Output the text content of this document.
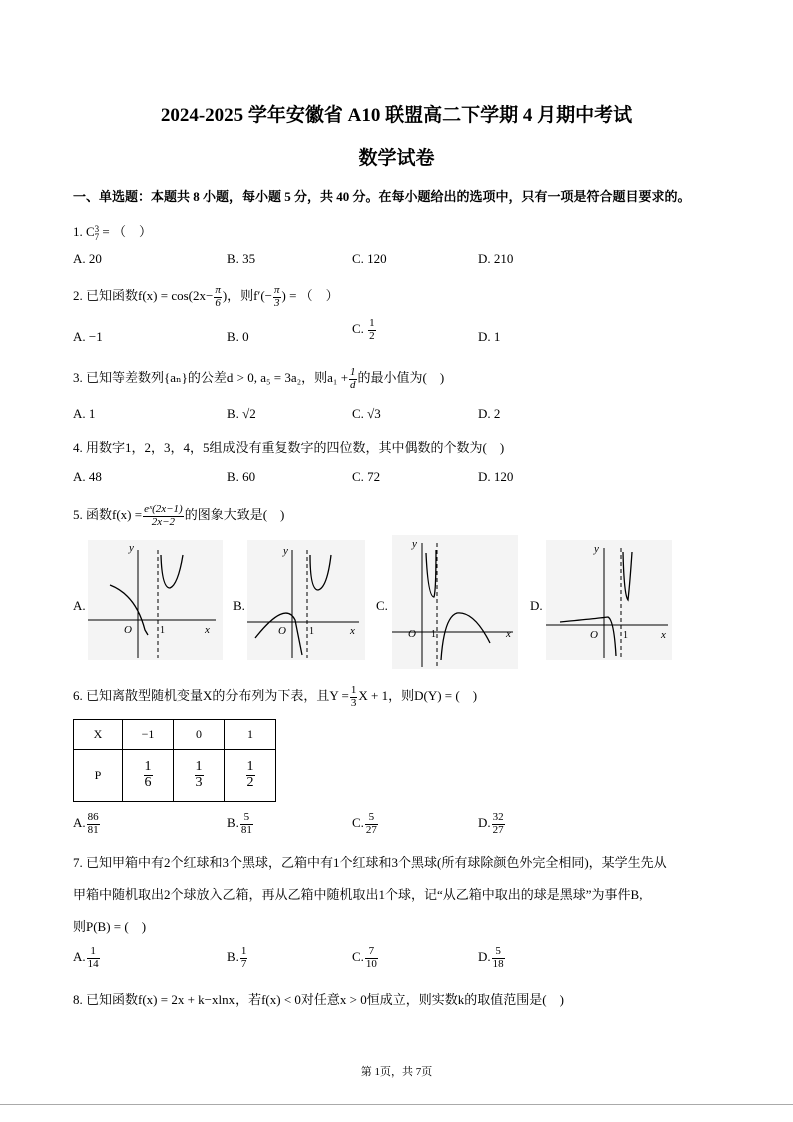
2024-2025 学年安徽省 A10 联盟高二下学期 4 月期中考试
数学试卷
一、单选题：本题共 8 小题，每小题 5 分，共 40 分。在每小题给出的选项中，只有一项是符合题目要求的。
1. C 3
7 = （　）
A. 20	B. 35	C. 120	D. 210
2. 已知函数$f(x) = \cos(2x- \frac{\pi}{6}$ )，则$f'(- \frac{\pi}{3}$ ) = （　）
A. −1	B. 0
C. $\frac{1}{2}$	D. 1
3. 已知等差数列{aₙ}的公差d > 0, a₅ = 3a₂，则$a_1 + \frac{1}{d}$ 的最小值为(　)
A. 1	B. √2	C. √3	D. 2
4. 用数字1，2，3，4，5组成没有重复数字的四位数，其中偶数的个数为(　)
A. 48	B. 60	C. 72	D. 120
5. 函数$f(x) = \frac{\text{eˣ(2x−1)}}{2x-2}$ 的图象大致是(　)
A.
y
x
O	1
B.
y
x
O 1
C.
y
x
O 1
D.
y
x
O	1
6. 已知离散型随机变量X的分布列为下表，且$Y = \frac{1}{3}$ X + 1，则D(Y) = (　)
X	−1	0	1
P	$\frac{1}{6}$	$\frac{1}{3}$	$\frac{1}{2}$
A. $\frac{86}{81}$	B. $\frac{5}{81}$	C. $\frac{5}{27}$	D. $\frac{32}{27}$
7. 已知甲箱中有2个红球和3个黑球，乙箱中有1个红球和3个黑球(所有球除颜色外完全相同)，某学生先从
甲箱中随机取出2个球放入乙箱，再从乙箱中随机取出1个球，记“从乙箱中取出的球是黑球”为事件B,
则P(B) = (　)
A. $\frac{1}{14}$	B. $\frac{1}{7}$	C. $\frac{7}{10}$	D. $\frac{5}{18}$
8. 已知函数f(x) = 2x + k−xlnx，若f(x) < 0对任意x > 0恒成立，则实数k的取值范围是(　)
第 1页，共 7页
